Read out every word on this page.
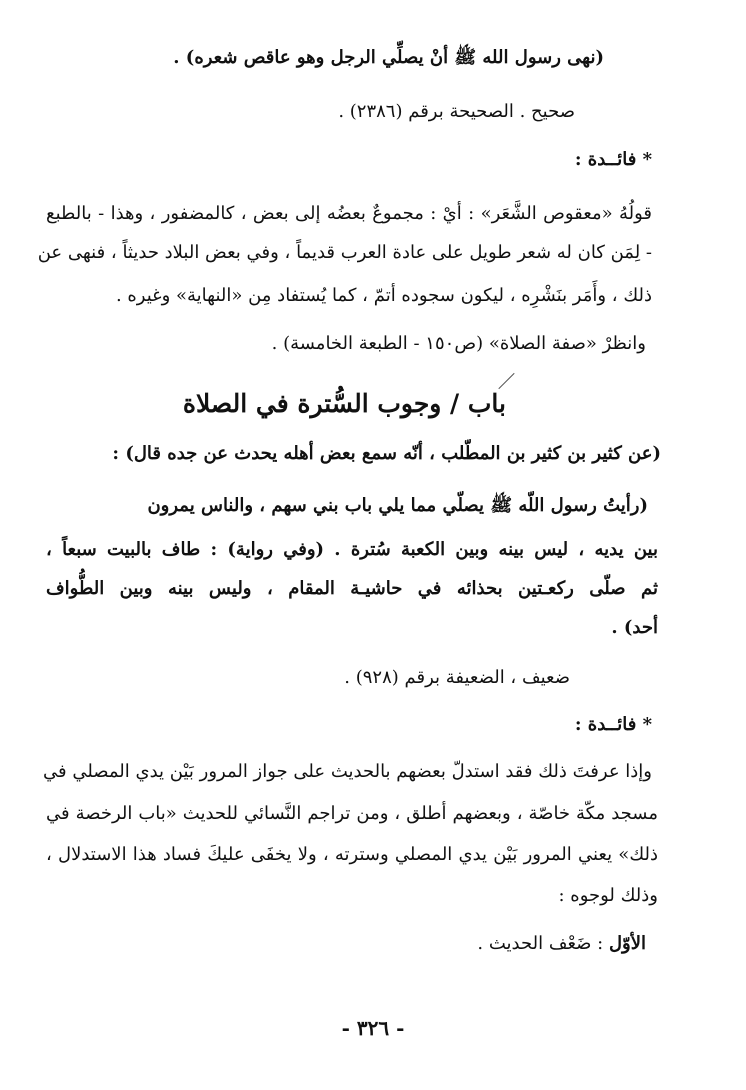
(نهى رسول الله ﷺ أنْ يصلِّي الرجل وهو عاقص شعره) .
صحيح . الصحيحة برقم (٢٣٨٦) .
* فائــدة :
قولُهُ «معقوص الشَّعَر» : أيْ : مجموعٌ بعضُه إلى بعض ، كالمضفور ، وهذا - بالطبع
- لِمَن كان له شعر طويل على عادة العرب قديماً ، وفي بعض البلاد حديثاً ، فنهى عن
ذلك ، وأَمَر بنَشْرِه ، ليكون سجوده أتمّ ، كما يُستفاد مِن «النهاية» وغيره .
وانظرْ «صفة الصلاة» (ص١٥٠ - الطبعة الخامسة) .
باب / وجوب السُّترة في الصلاة
(عن كثير بن كثير بن المطّلب ، أنّه سمع بعض أهله يحدث عن جده قال) :
(رأيتُ رسول اللّه ﷺ يصلّي مما يلي باب بني سهم ، والناس يمرون
بين يديه ، ليس بينه وبين الكعبة سُترة . (وفي رواية) : طاف بالبيت سبعاً ،
ثم صلّى ركعـتين بحذائه في حاشيـة المقام ، وليس بينه وبين الطُّواف
أحد) .
ضعيف ، الضعيفة برقم (٩٢٨) .
* فائــدة :
وإذا عرفتَ ذلك فقد استدلّ بعضهم بالحديث على جواز المرور بَيْن يدي المصلي في
مسجد مكّة خاصّة ، وبعضهم أطلق ، ومن تراجم النَّسائي للحديث «باب الرخصة في
ذلك» يعني المرور بَيْن يدي المصلي وسترته ، ولا يخفَى عليكَ فساد هذا الاستدلال ،
وذلك لوجوه :
الأوّل : ضَعْف الحديث .
- ٣٢٦ -
